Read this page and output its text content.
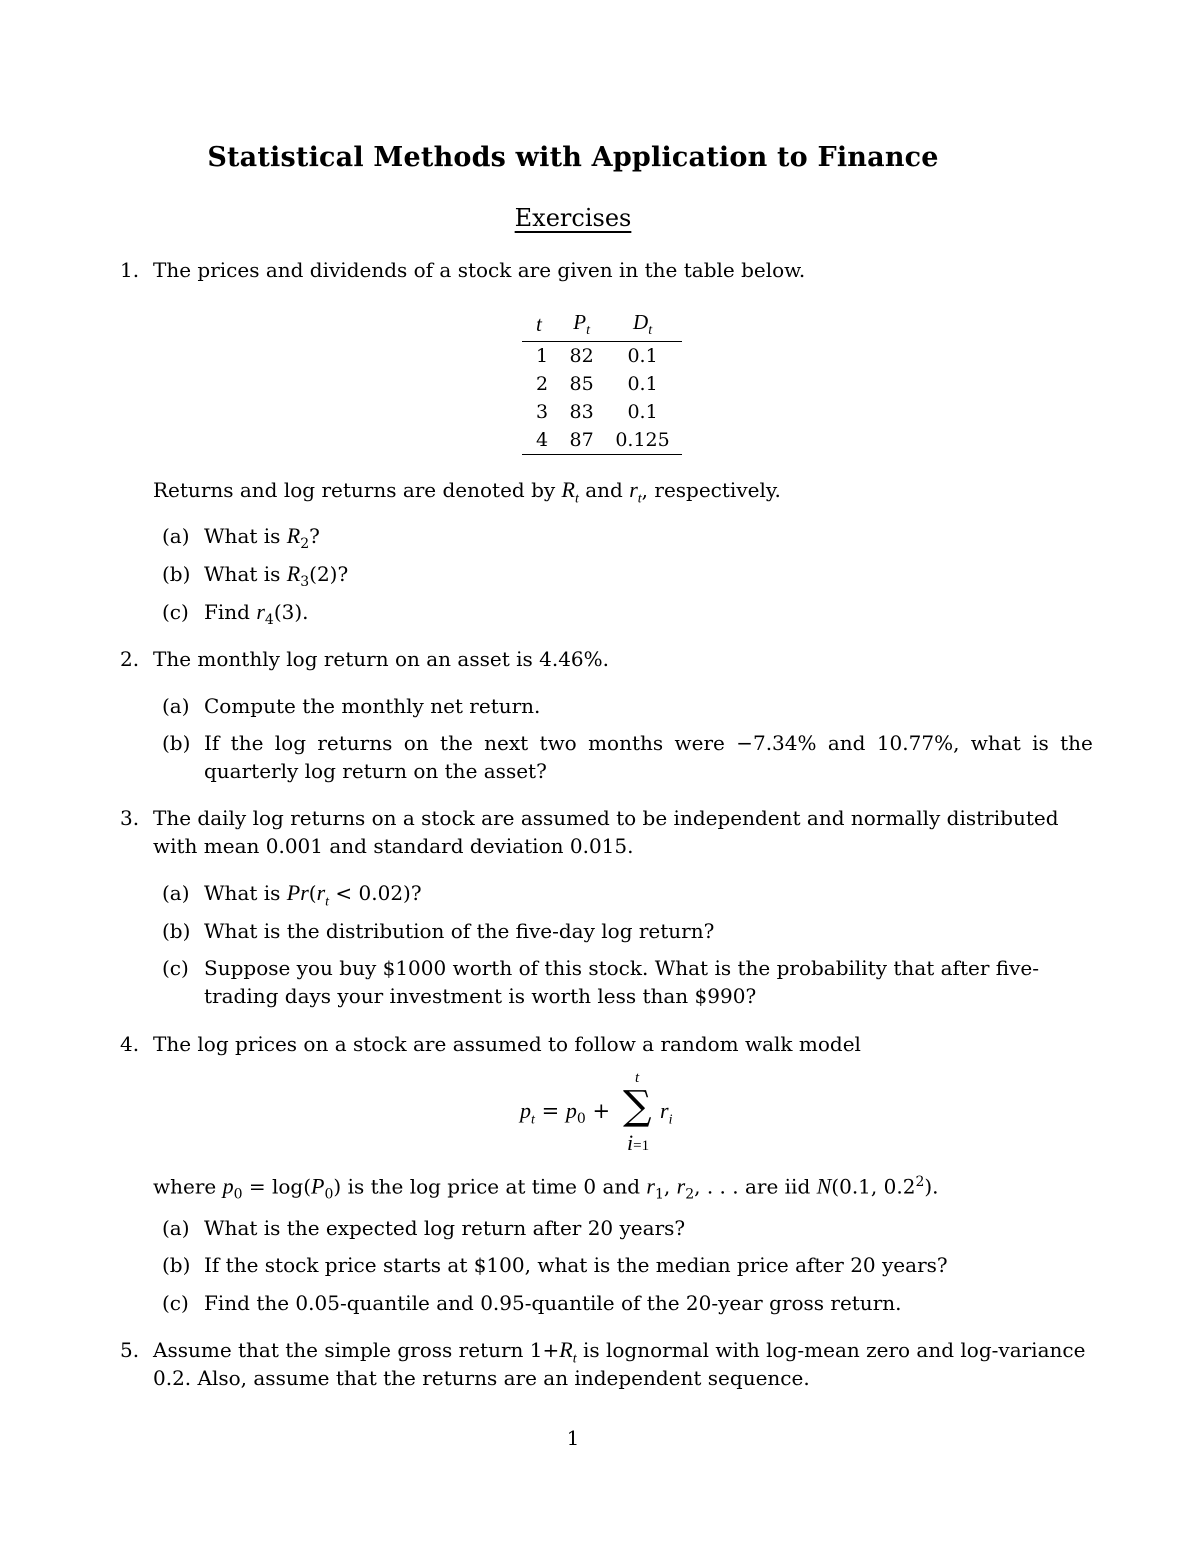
Statistical Methods with Application to Finance
Exercises
1. The prices and dividends of a stock are given in the table below.
t	$P_t$	$D_t$
1	82	0.1
2	85	0.1
3	83	0.1
4	87	0.125
Returns and log returns are denoted by $R_t$ and $r_t$, respectively.
(a) What is $R_2$?
(b) What is $R_3(2)$?
(c) Find $r_4(3)$.
2. The monthly log return on an asset is 4.46%.
(a) Compute the monthly net return.
(b) If the log returns on the next two months were −7.34% and 10.77%, what is the
quarterly log return on the asset?
3. The daily log returns on a stock are assumed to be independent and normally distributed
with mean 0.001 and standard deviation 0.015.
(a) What is $Pr(r_t < 0.02)$?
(b) What is the distribution of the five-day log return?
(c) Suppose you buy $1000 worth of this stock. What is the probability that after five-
trading days your investment is worth less than $990?
4. The log prices on a stock are assumed to follow a random walk model
$p_t = p_0$ +
t
∑
i=1
$r_i$
where $p_0 = \log(P_0)$ is the log price at time 0 and $r_1$, $r_2$, . . . are iid N(0.1, $0.2^2$).
(a) What is the expected log return after 20 years?
(b) If the stock price starts at $100, what is the median price after 20 years?
(c) Find the 0.05-quantile and 0.95-quantile of the 20-year gross return.
5. Assume that the simple gross return $1+R_t$ is lognormal with log-mean zero and log-variance
0.2. Also, assume that the returns are an independent sequence.
1
